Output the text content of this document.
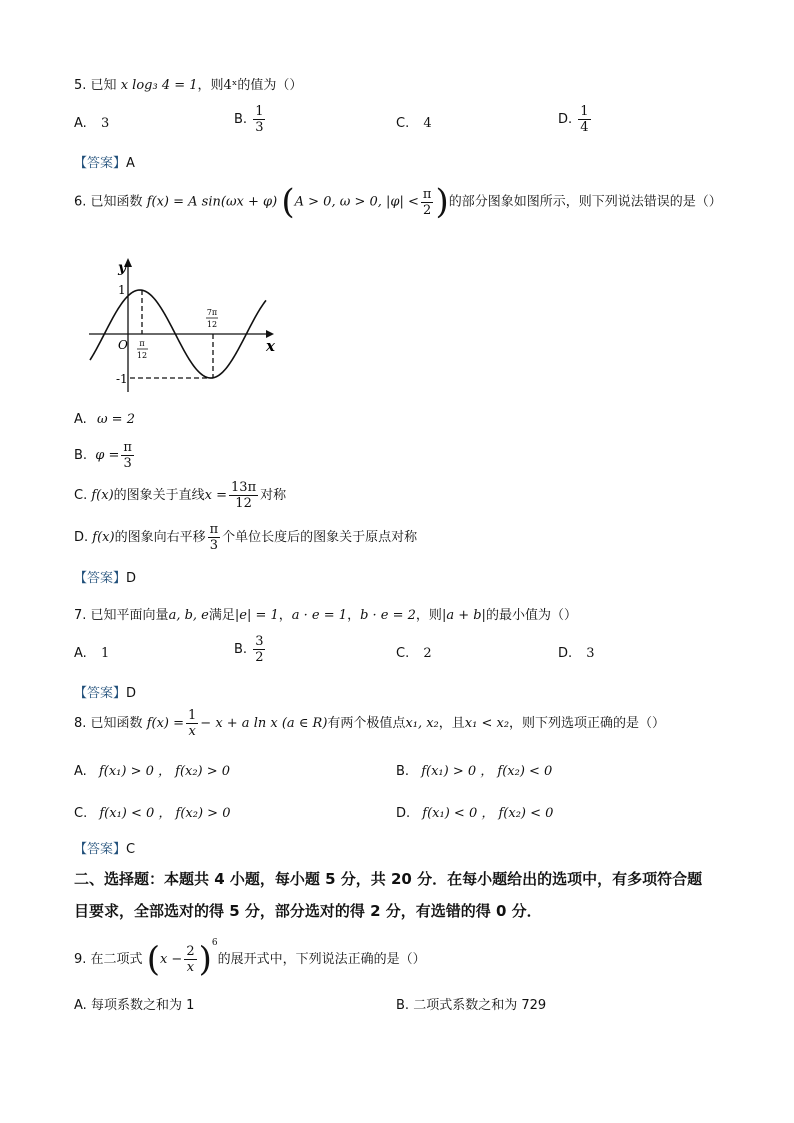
5. 已知 x log₃ 4 = 1，则4ˣ的值为（）
A. 3	B. $\frac{1}{3}$	C. 4	D. $\frac{1}{4}$
【答案】A
6. 已知函数 f(x) = A sin(ωx + φ) (A > 0, ω > 0, $|\varphi| < \frac{\pi}{2}$ )的部分图象如图所示，则下列说法错误的是（）
y
x
O
1
-1
π
12
7π
12
A. ω = 2
B. $\varphi = \frac{\pi}{3}$
C. f(x)的图象关于直线$x = \frac{13\pi}{12}$ 对称
D. f(x)的图象向右平移 $\frac{\pi}{3}$ 个单位长度后的图象关于原点对称
【答案】D
7. 已知平面向量a, b, e满足|e| = 1，a · e = 1，b · e = 2，则|a + b|的最小值为（）
A. 1	B. $\frac{3}{2}$	C. 2	D. 3
【答案】D
8. 已知函数 $f(x) = \frac{1}{x} - x + a$ ln x (a ∈ R)有两个极值点x₁, x₂，且x₁ < x₂，则下列选项正确的是（）
A. f(x₁) > 0 ， f(x₂) > 0	B. f(x₁) > 0 ， f(x₂) < 0
C. f(x₁) < 0 ， f(x₂) > 0	D. f(x₁) < 0 ， f(x₂) < 0
【答案】C
二、选择题：本题共 4 小题，每小题 5 分，共 20 分．在每小题给出的选项中，有多项符合题
目要求，全部选对的得 5 分，部分选对的得 2 分，有选错的得 0 分．
9. 在二项式 $(x - \frac{2}{x} )^6$的展开式中，下列说法正确的是（）
A. 每项系数之和为 1	B. 二项式系数之和为 729
